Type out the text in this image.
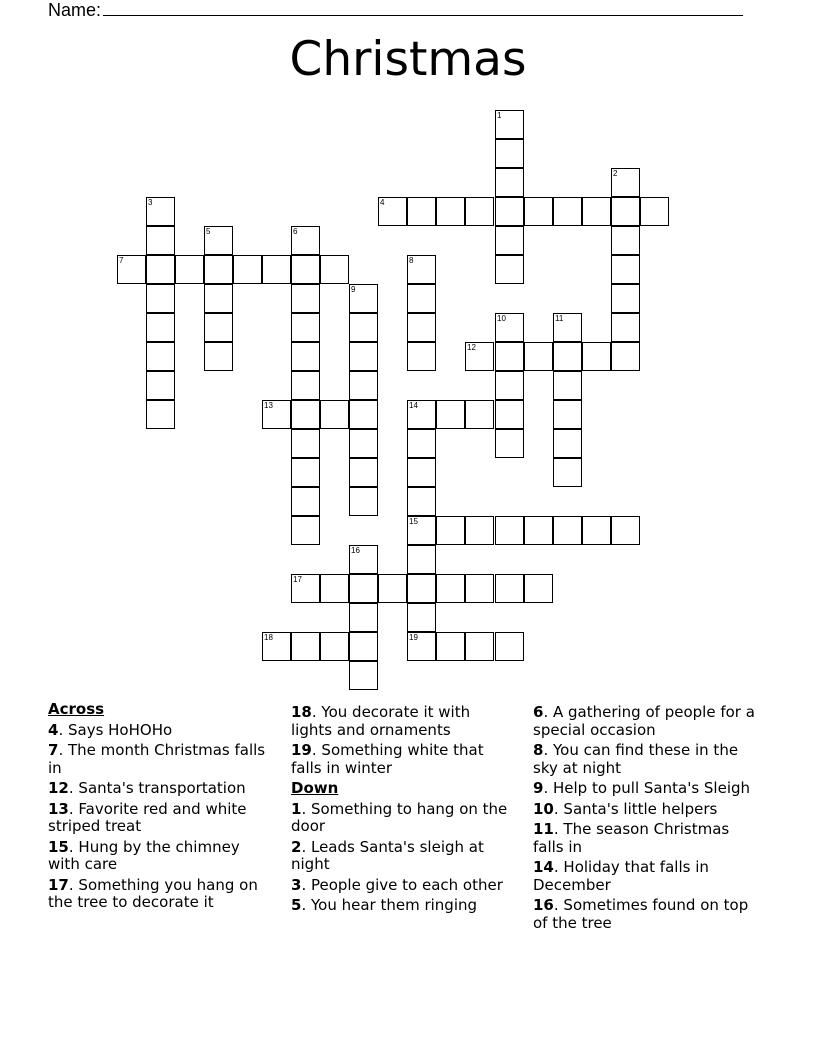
Name:
Christmas
1
2
3	4
5	6
7	8
9
10	11
12
13	14
15
16
17
18	19
Across
4. Says HoHOHo
7. The month Christmas falls in
12. Santa's transportation
13. Favorite red and white striped treat
15. Hung by the chimney with care
17. Something you hang on the tree to decorate it
18. You decorate it with lights and ornaments
19. Something white that falls in winter
Down
1. Something to hang on the door
2. Leads Santa's sleigh at night
3. People give to each other
5. You hear them ringing
6. A gathering of people for a special occasion
8. You can find these in the sky at night
9. Help to pull Santa's Sleigh
10. Santa's little helpers
11. The season Christmas falls in
14. Holiday that falls in December
16. Sometimes found on top of the tree
